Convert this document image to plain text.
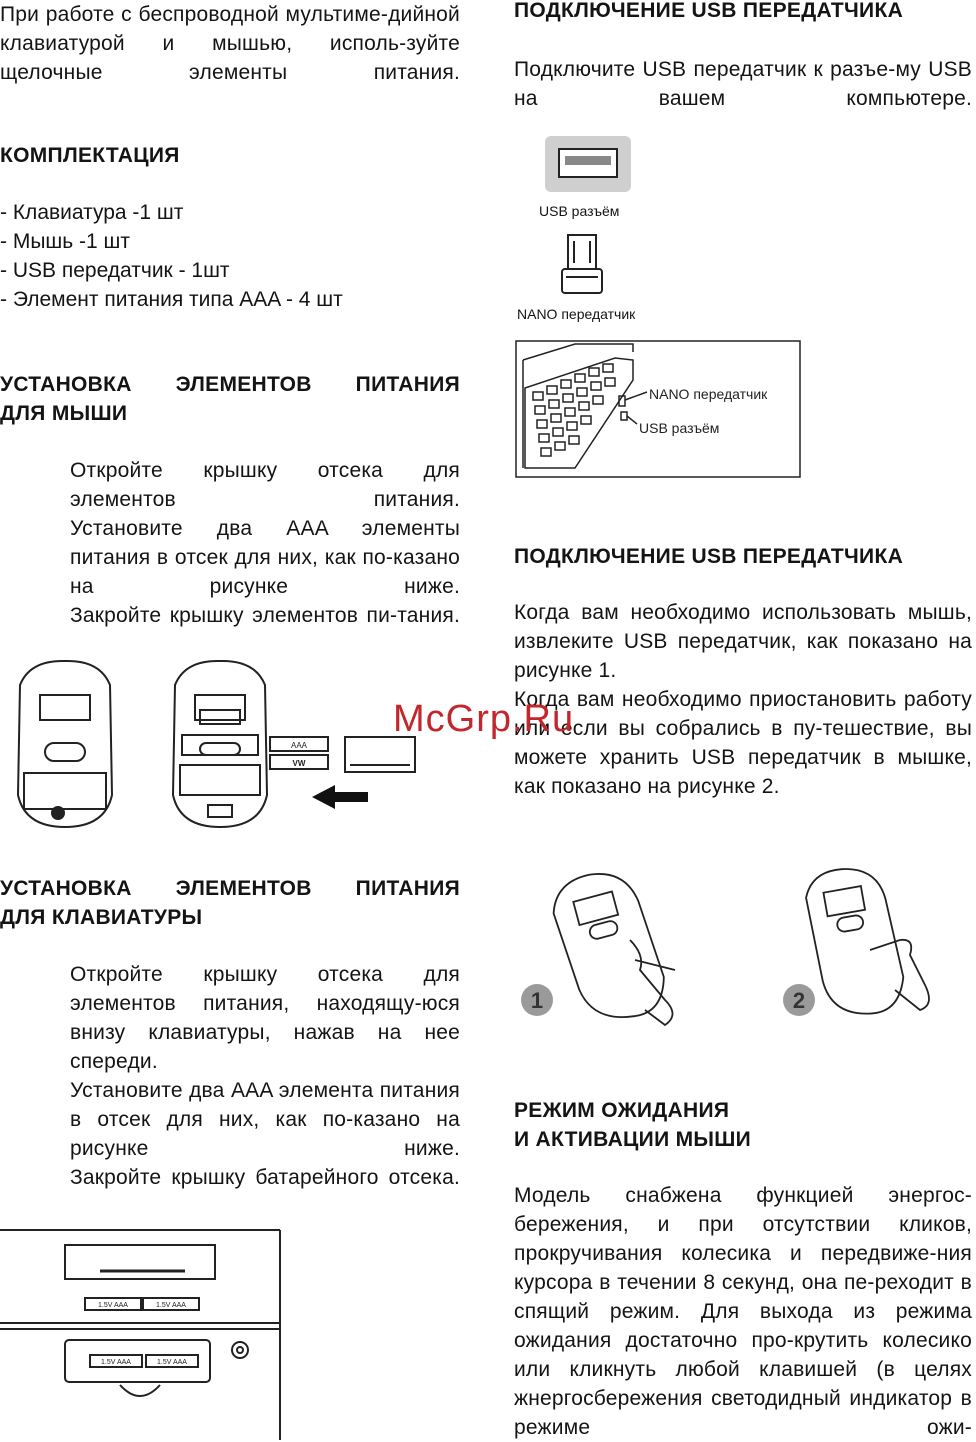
При работе с беспроводной мультиме-дийной клавиатурой и мышью, исполь-зуйте щелочные элементы питания.

КОМПЛЕКТАЦИЯ
- Клавиатура -1 шт
- Мышь -1 шт
- USB передатчик - 1шт
- Элемент питания типа AAA - 4 шт
УСТАНОВКА ЭЛЕМЕНТОВ ПИТАНИЯ
ДЛЯ МЫШИ

Откройте крышку отсека для элементов питания.

Установите два AAA элементы питания в отсек для них, как по-казано на рисунке ниже.

Закройте крышку элементов пи-тания.

AAA
VW
УСТАНОВКА ЭЛЕМЕНТОВ ПИТАНИЯ
ДЛЯ КЛАВИАТУРЫ

Откройте крышку отсека для элементов питания, находящу-юся внизу клавиатуры, нажав на нее спереди.

Установите два AAA элемента питания в отсек для них, как по-казано на рисунке ниже.

Закройте крышку батарейного отсека.

1.5V AAA	1.5V AAA
1.5V AAA	1.5V AAA
ПОДКЛЮЧЕНИЕ USB ПЕРЕДАТЧИКА

Подключите USB передатчик к разъе-му USB на вашем компьютере.

USB разъём
NANO передатчик
NANO передатчик
USB разъём
ПОДКЛЮЧЕНИЕ USB ПЕРЕДАТЧИКА

Когда вам необходимо использовать мышь, извлеките USB передатчик, как показано на рисунке 1.

Когда вам необходимо приостановить работу или если вы собрались в пу-тешествие, вы можете хранить USB передатчик в мышке, как показано на рисунке 2.

1	2
РЕЖИМ ОЖИДАНИЯ
И АКТИВАЦИИ МЫШИ

Модель снабжена функцией энергос-бережения, и при отсутствии кликов, прокручивания колесика и передвиже-ния курсора в течении 8 секунд, она пе-реходит в спящий режим. Для выхода из режима ожидания достаточно про-крутить колесико или кликнуть любой клавишей (в целях жнергосбережения светодидный индикатор в режиме ожи-

McGrp.Ru
